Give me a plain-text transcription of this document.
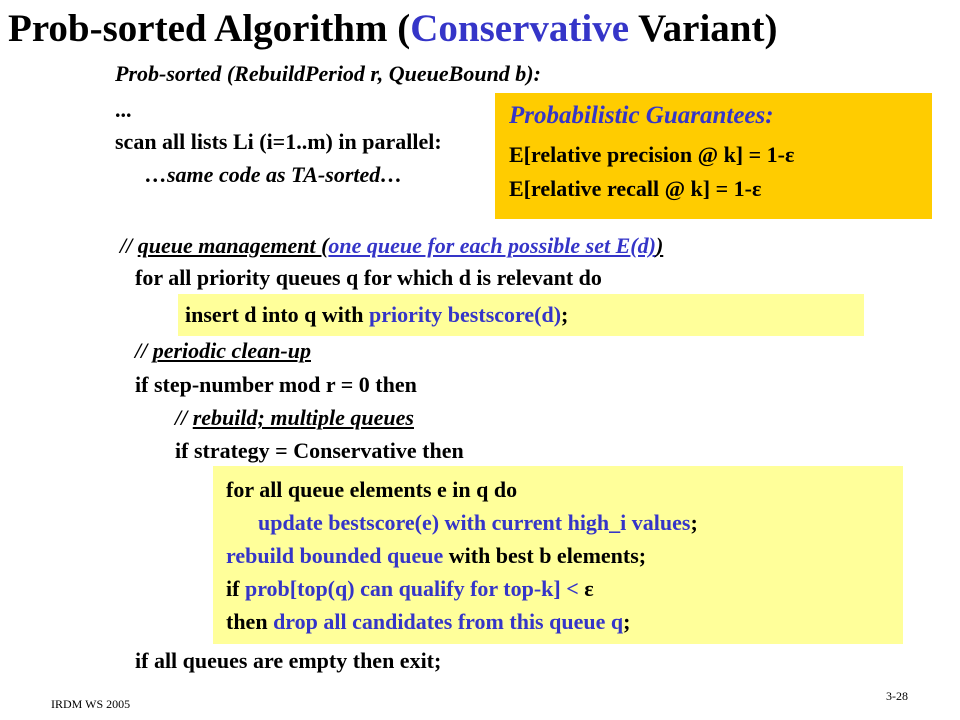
Prob-sorted Algorithm (Conservative Variant)
Prob-sorted (RebuildPeriod r, QueueBound b):
...
scan all lists Li (i=1..m) in parallel:
…same code as TA-sorted…
Probabilistic Guarantees:
E[relative precision @ k] = 1-ε
E[relative recall @ k] = 1-ε
// queue management (one queue for each possible set E(d))
for all priority queues q for which d is relevant do
insert d into q with priority bestscore(d);
// periodic clean-up
if step-number mod r = 0 then
// rebuild; multiple queues
if strategy = Conservative then
for all queue elements e in q do
update bestscore(e) with current high_i values;
rebuild bounded queue with best b elements;
if prob[top(q) can qualify for top-k] < ε
then drop all candidates from this queue q;
if all queues are empty then exit;
IRDM WS 2005
3-28
